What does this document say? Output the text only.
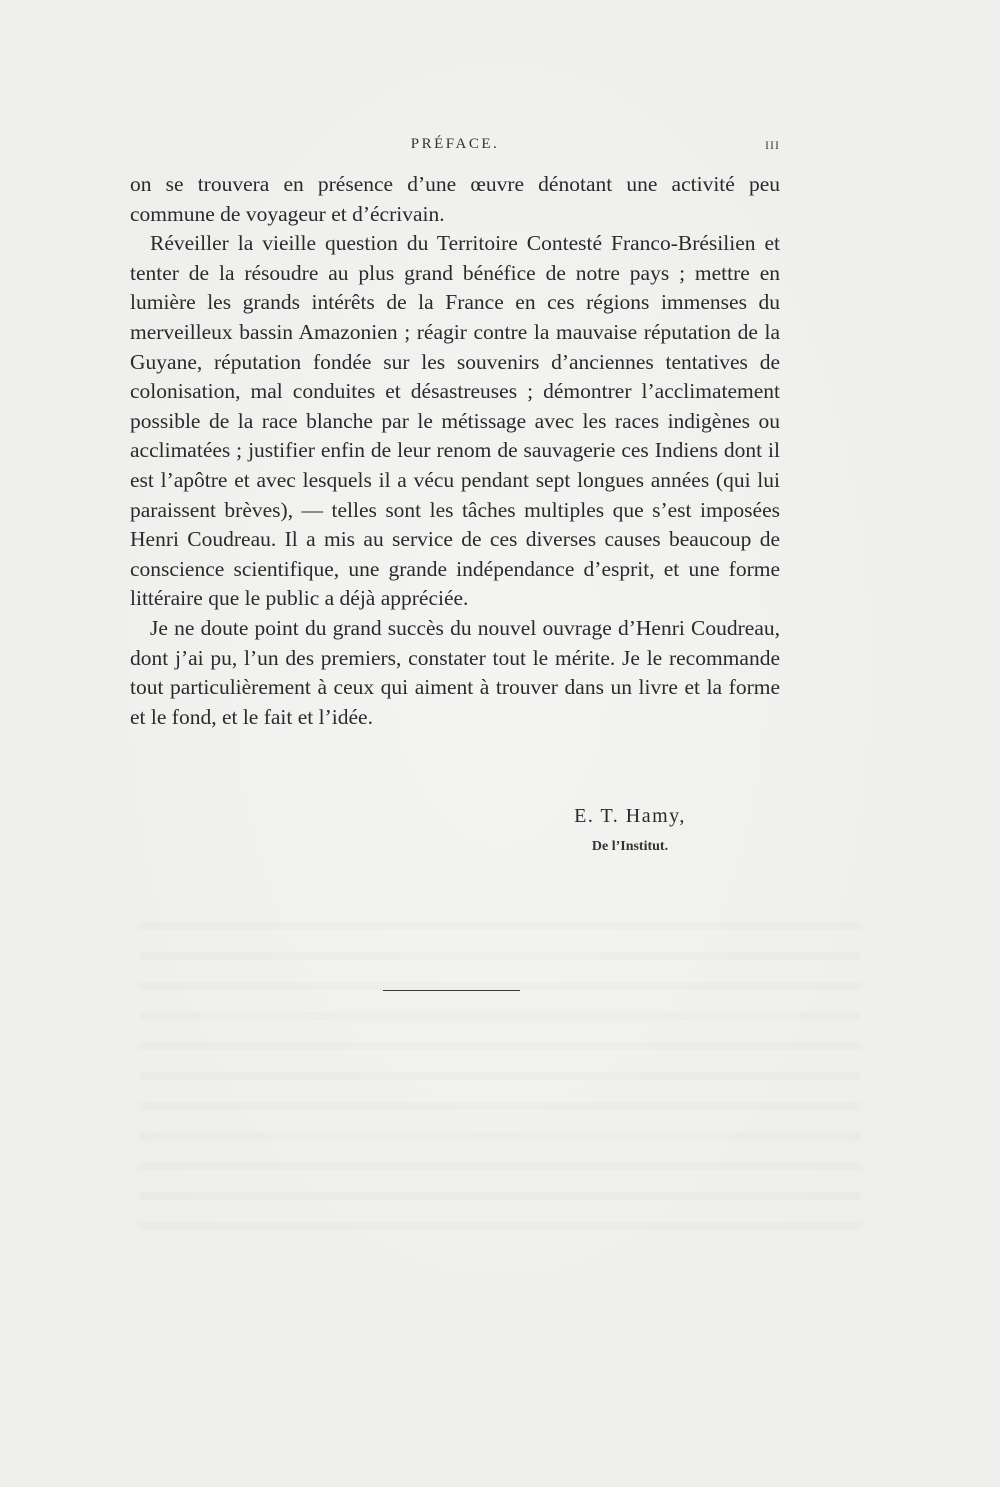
PRÉFACE.	III

on se trouvera en présence d’une œuvre dénotant une activité peu commune de voyageur et d’écrivain.

Réveiller la vieille question du Territoire Contesté Franco-Brésilien et tenter de la résoudre au plus grand bénéfice de notre pays ; mettre en lumière les grands intérêts de la France en ces régions immenses du merveilleux bassin Amazonien ; réagir contre la mauvaise réputation de la Guyane, réputation fondée sur les souvenirs d’anciennes tentatives de colonisation, mal conduites et désastreuses ; démontrer l’acclimatement possible de la race blanche par le métissage avec les races indigènes ou acclimatées ; justifier enfin de leur renom de sauvagerie ces Indiens dont il est l’apôtre et avec lesquels il a vécu pendant sept longues années (qui lui paraissent brèves), — telles sont les tâches multiples que s’est imposées Henri Coudreau. Il a mis au service de ces diverses causes beaucoup de conscience scientifique, une grande indépendance d’esprit, et une forme littéraire que le public a déjà appréciée.

Je ne doute point du grand succès du nouvel ouvrage d’Henri Coudreau, dont j’ai pu, l’un des premiers, constater tout le mérite. Je le recommande tout particulièrement à ceux qui aiment à trouver dans un livre et la forme et le fond, et le fait et l’idée.

E. T. Hamy,
De l’Institut.
